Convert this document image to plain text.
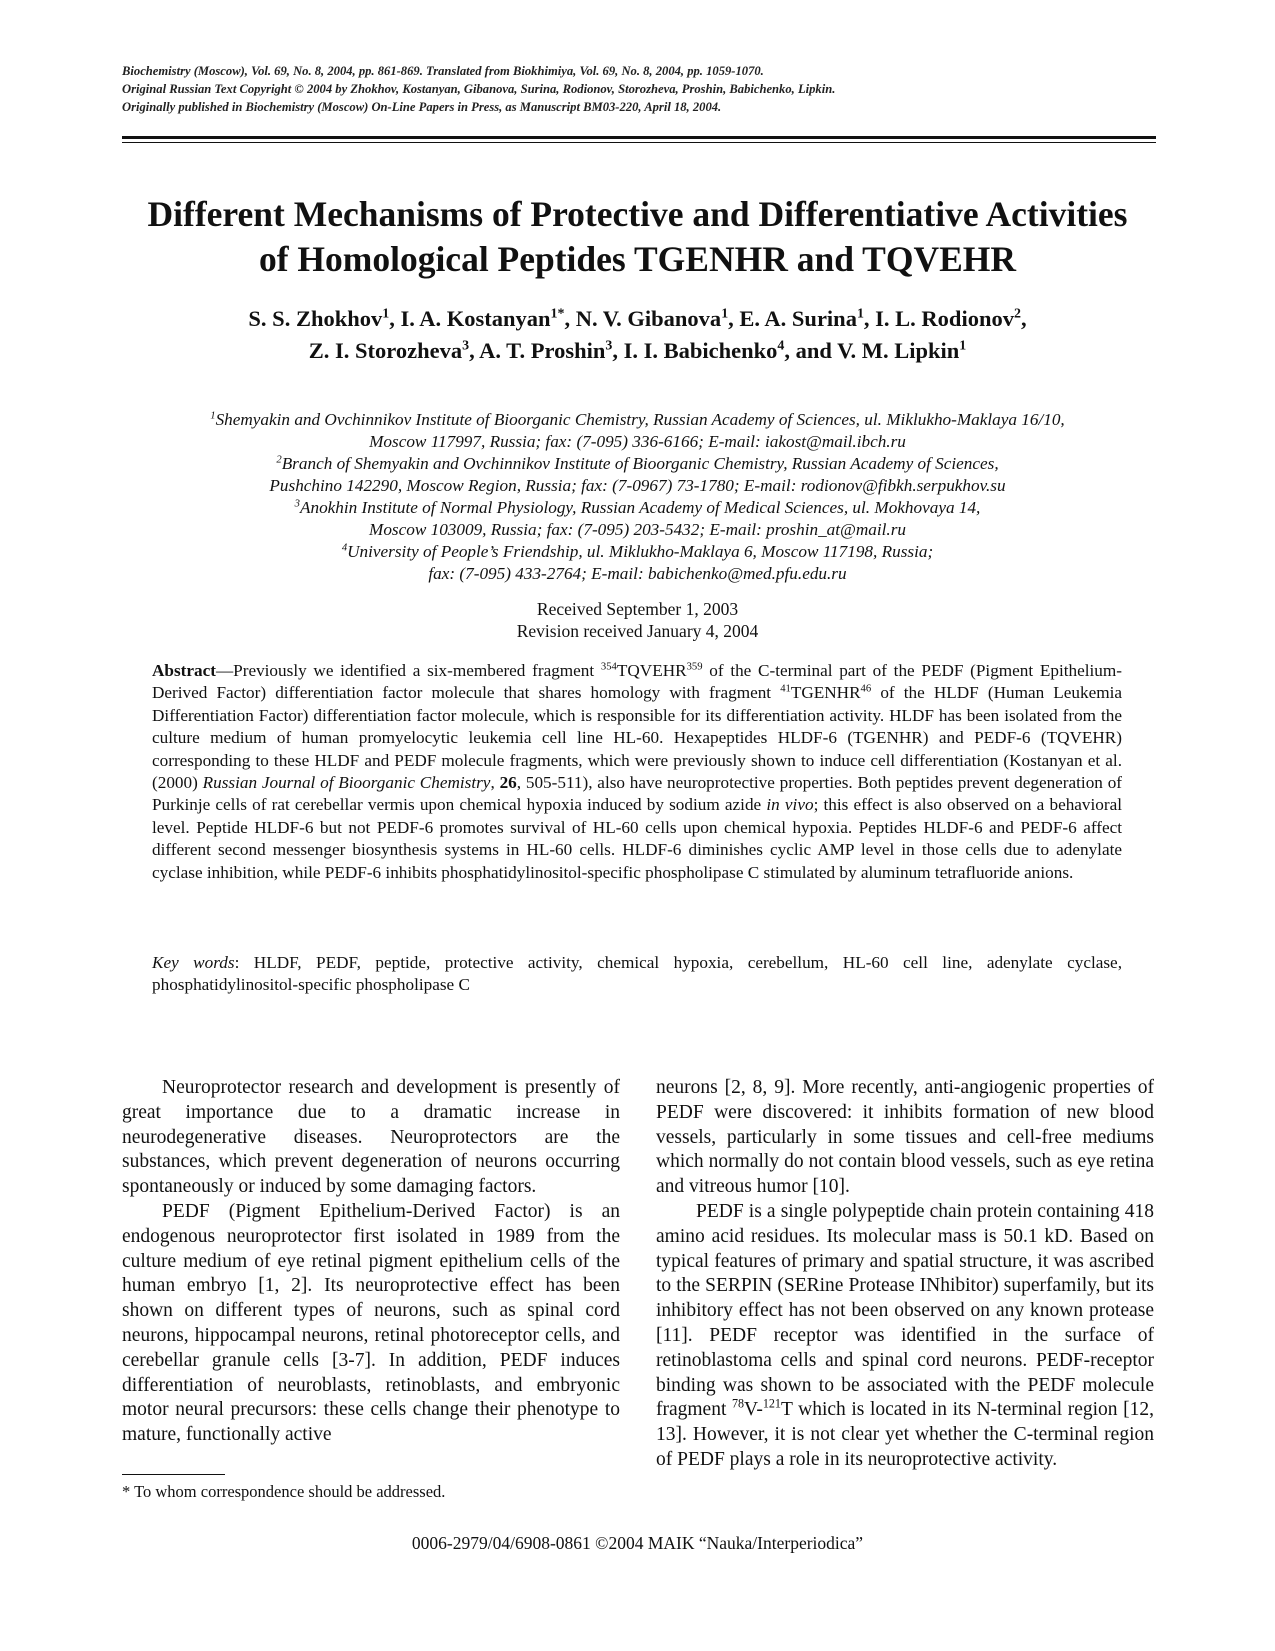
Biochemistry (Moscow), Vol. 69, No. 8, 2004, pp. 861-869. Translated from Biokhimiya, Vol. 69, No. 8, 2004, pp. 1059-1070.
Original Russian Text Copyright © 2004 by Zhokhov, Kostanyan, Gibanova, Surina, Rodionov, Storozheva, Proshin, Babichenko, Lipkin.
Originally published in Biochemistry (Moscow) On-Line Papers in Press, as Manuscript BM03-220, April 18, 2004.
Different Mechanisms of Protective and Differentiative Activities
of Homological Peptides TGENHR and TQVEHR
S. S. Zhokhov$^1$, I. A. Kostanyan$^{1*}$, N. V. Gibanova$^1$, E. A. Surina$^1$, I. L. Rodionov$^2$,
Z. I. Storozheva$^3$, A. T. Proshin$^3$, I. I. Babichenko$^4$, and V. M. Lipkin$^1$
$^1$Shemyakin and Ovchinnikov Institute of Bioorganic Chemistry, Russian Academy of Sciences, ul. Miklukho-Maklaya 16/10,
Moscow 117997, Russia; fax: (7-095) 336-6166; E-mail: iakost@mail.ibch.ru
$^2$Branch of Shemyakin and Ovchinnikov Institute of Bioorganic Chemistry, Russian Academy of Sciences,
Pushchino 142290, Moscow Region, Russia; fax: (7-0967) 73-1780; E-mail: rodionov@fibkh.serpukhov.su
$^3$Anokhin Institute of Normal Physiology, Russian Academy of Medical Sciences, ul. Mokhovaya 14,
Moscow 103009, Russia; fax: (7-095) 203-5432; E-mail: proshin_at@mail.ru
$^4$University of People’s Friendship, ul. Miklukho-Maklaya 6, Moscow 117198, Russia;
fax: (7-095) 433-2764; E-mail: babichenko@med.pfu.edu.ru
Received September 1, 2003
Revision received January 4, 2004
Abstract—Previously we identified a six-membered fragment $^{354}$TQVEHR$^{359}$ of the C-terminal part of the PEDF (Pigment Epithelium-Derived Factor) differentiation factor molecule that shares homology with fragment $^{41}$TGENHR$^{46}$ of the HLDF (Human Leukemia Differentiation Factor) differentiation factor molecule, which is responsible for its differentiation activity. HLDF has been isolated from the culture medium of human promyelocytic leukemia cell line HL-60. Hexapeptides HLDF-6 (TGENHR) and PEDF-6 (TQVEHR) corresponding to these HLDF and PEDF molecule fragments, which were previously shown to induce cell differentiation (Kostanyan et al. (2000) Russian Journal of Bioorganic Chemistry, 26, 505-511), also have neuroprotective properties. Both peptides prevent degeneration of Purkinje cells of rat cerebellar vermis upon chemical hypoxia induced by sodium azide in vivo; this effect is also observed on a behavioral level. Peptide HLDF-6 but not PEDF-6 promotes survival of HL-60 cells upon chemical hypoxia. Peptides HLDF-6 and PEDF-6 affect different second messenger biosynthesis systems in HL-60 cells. HLDF-6 diminishes cyclic AMP level in those cells due to adenylate cyclase inhibition, while PEDF-6 inhibits phosphatidylinositol-specific phospholipase C stimulated by aluminum tetrafluoride anions.
Key words: HLDF, PEDF, peptide, protective activity, chemical hypoxia, cerebellum, HL-60 cell line, adenylate cyclase, phosphatidylinositol-specific phospholipase C

Neuroprotector research and development is presently of great importance due to a dramatic increase in neurodegenerative diseases. Neuroprotectors are the substances, which prevent degeneration of neurons occurring spontaneously or induced by some damaging factors.

PEDF (Pigment Epithelium-Derived Factor) is an endogenous neuroprotector first isolated in 1989 from the culture medium of eye retinal pigment epithelium cells of the human embryo [1, 2]. Its neuroprotective effect has been shown on different types of neurons, such as spinal cord neurons, hippocampal neurons, retinal photoreceptor cells, and cerebellar granule cells [3-7]. In addition, PEDF induces differentiation of neuroblasts, retinoblasts, and embryonic motor neural precursors: these cells change their phenotype to mature, functionally active

neurons [2, 8, 9]. More recently, anti-angiogenic properties of PEDF were discovered: it inhibits formation of new blood vessels, particularly in some tissues and cell-free mediums which normally do not contain blood vessels, such as eye retina and vitreous humor [10].

PEDF is a single polypeptide chain protein containing 418 amino acid residues. Its molecular mass is 50.1 kD. Based on typical features of primary and spatial structure, it was ascribed to the SERPIN (SERine Protease INhibitor) superfamily, but its inhibitory effect has not been observed on any known protease [11]. PEDF receptor was identified in the surface of retinoblastoma cells and spinal cord neurons. PEDF-receptor binding was shown to be associated with the PEDF molecule fragment $^{78}$V-$^{121}$T which is located in its N-terminal region [12, 13]. However, it is not clear yet whether the C-terminal region of PEDF plays a role in its neuroprotective activity.

* To whom correspondence should be addressed.
0006-2979/04/6908-0861 ©2004 MAIK “Nauka/Interperiodica”
